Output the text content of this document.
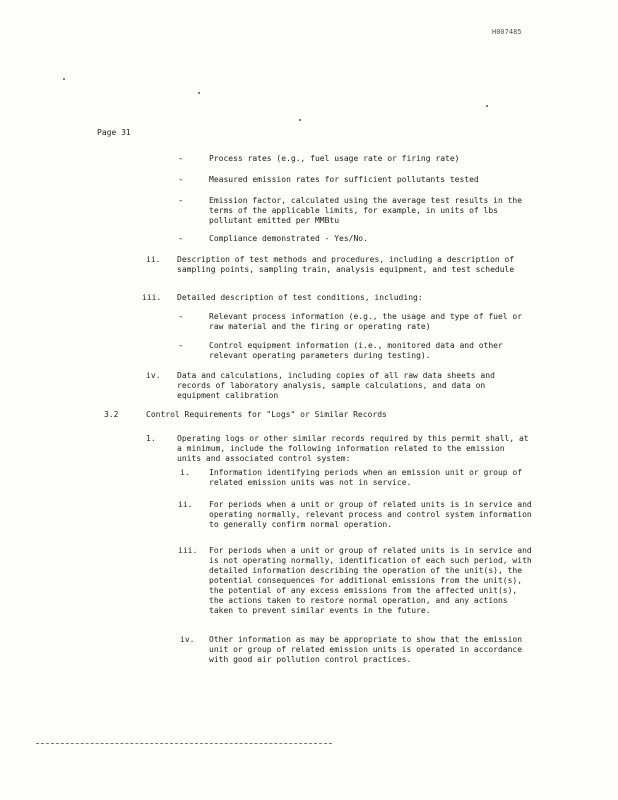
H007485
Page 31
-	Process rates (e.g., fuel usage rate or firing rate)
-	Measured emission rates for sufficient pollutants tested
-	Emission factor, calculated using the average test results in the terms of the applicable limits, for example, in units of lbs pollutant emitted per MMBtu
-	Compliance demonstrated - Yes/No.
ii. Description of test methods and procedures, including a description of sampling points, sampling train, analysis equipment, and test schedule
iii. Detailed description of test conditions, including:
-	Relevant process information (e.g., the usage and type of fuel or raw material and the firing or operating rate)
-	Control equipment information (i.e., monitored data and other relevant operating parameters during testing).
iv. Data and calculations, including copies of all raw data sheets and records of laboratory analysis, sample calculations, and data on equipment calibration
3.2	Control Requirements for "Logs" or Similar Records
1.	Operating logs or other similar records required by this permit shall, at a minimum, include the following information related to the emission units and associated control system:
i. Information identifying periods when an emission unit or group of related emission units was not in service.
ii. For periods when a unit or group of related units is in service and operating normally, relevant process and control system information to generally confirm normal operation.
iii. For periods when a unit or group of related units is in service and is not operating normally, identification of each such period, with detailed information describing the operation of the unit(s), the potential consequences for additional emissions from the unit(s), the potential of any excess emissions from the affected unit(s), the actions taken to restore normal operation, and any actions taken to prevent similar events in the future.
iv. Other information as may be appropriate to show that the emission unit or group of related emission units is operated in accordance with good air pollution control practices.
